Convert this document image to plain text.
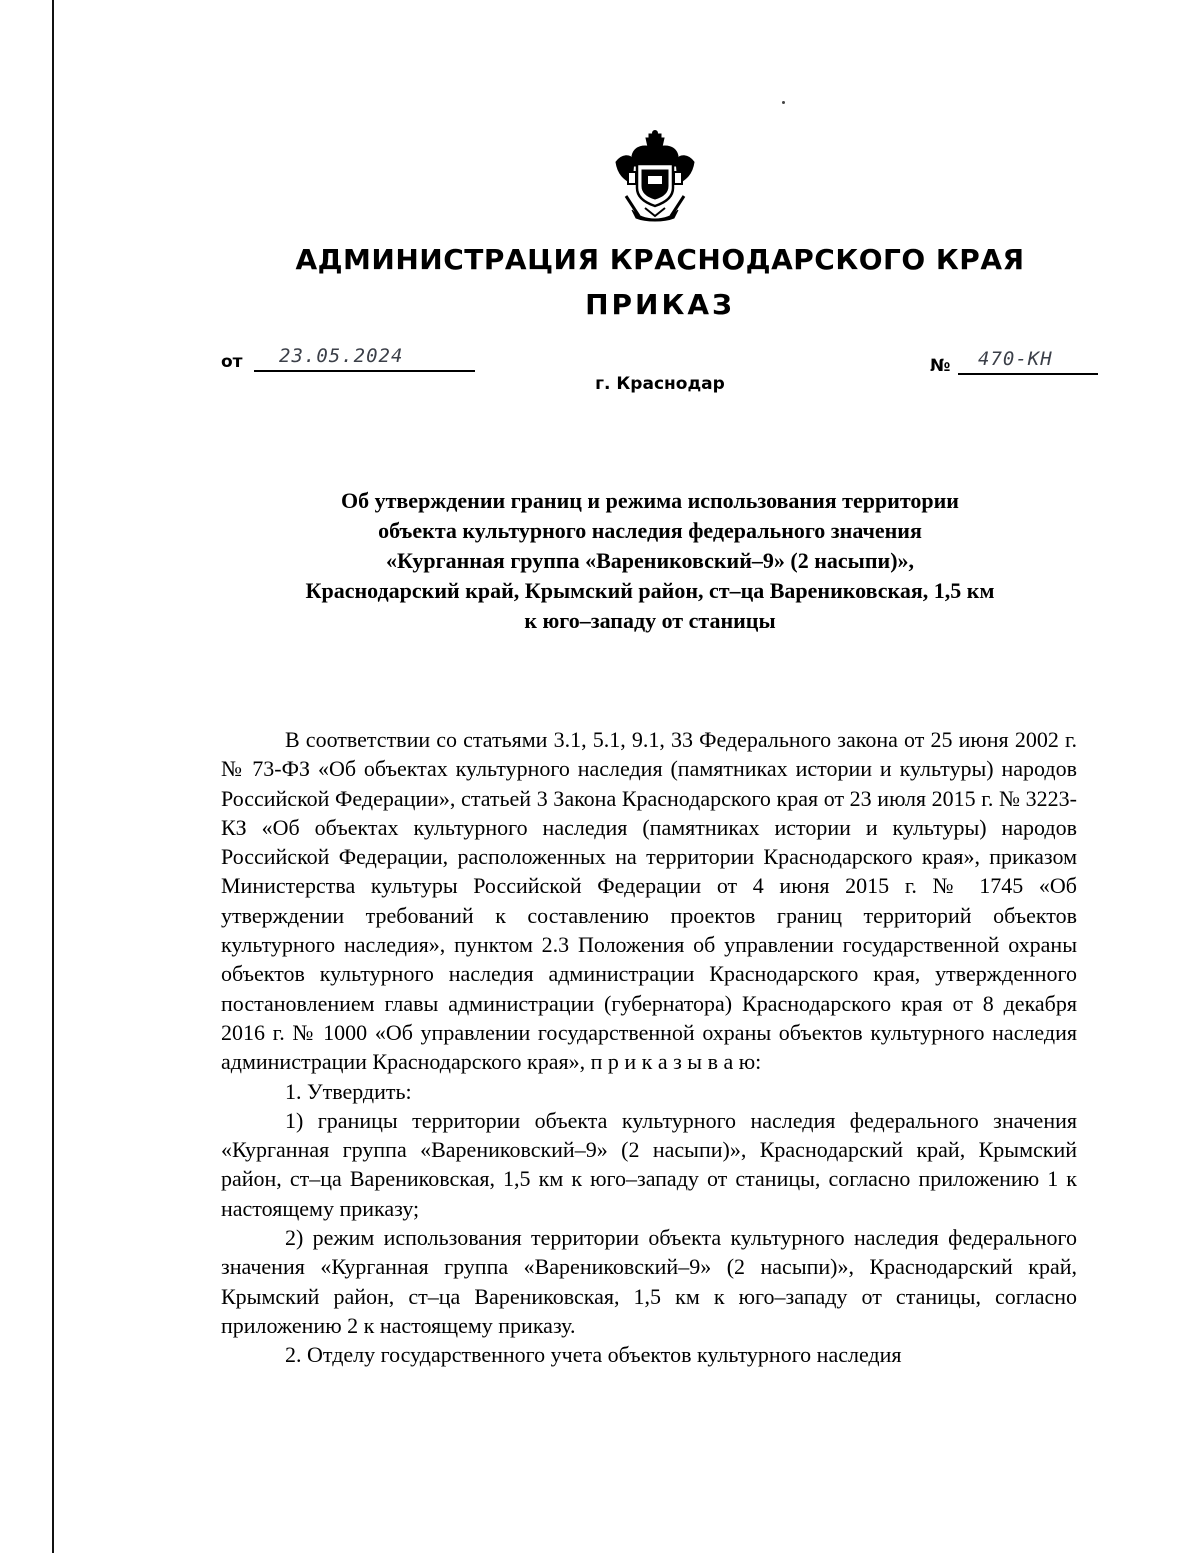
АДМИНИСТРАЦИЯ КРАСНОДАРСКОГО КРАЯ
ПРИКАЗ
от 23.05.2024	№ 470-КН
г. Краснодар
Об утверждении границ и режима использования территории
объекта культурного наследия федерального значения
«Курганная группа «Варениковский–9» (2 насыпи)»,
Краснодарский край, Крымский район, ст–ца Варениковская, 1,5 км
к юго–западу от станицы

В соответствии со статьями 3.1, 5.1, 9.1, 33 Федерального закона от 25 июня 2002 г. № 73-ФЗ «Об объектах культурного наследия (памятниках истории и культуры) народов Российской Федерации», статьей 3 Закона Краснодарского края от 23 июля 2015 г. № 3223-КЗ «Об объектах культурного наследия (памятниках истории и культуры) народов Российской Федерации, расположенных на территории Краснодарского края», приказом Министерства культуры Российской Федерации от 4 июня 2015 г. № 1745 «Об утверждении требований к составлению проектов границ территорий объектов культурного наследия», пунктом 2.3 Положения об управлении государственной охраны объектов культурного наследия администрации Краснодарского края, утвержденного постановлением главы администрации (губернатора) Краснодарского края от 8 декабря 2016 г. № 1000 «Об управлении государственной охраны объектов культурного наследия администрации Краснодарского края», п р и к а з ы в а ю:

1. Утвердить:

1) границы территории объекта культурного наследия федерального значения «Курганная группа «Варениковский–9» (2 насыпи)», Краснодарский край, Крымский район, ст–ца Варениковская, 1,5 км к юго–западу от станицы, согласно приложению 1 к настоящему приказу;

2) режим использования территории объекта культурного наследия федерального значения «Курганная группа «Варениковский–9» (2 насыпи)», Краснодарский край, Крымский район, ст–ца Варениковская, 1,5 км к юго–западу от станицы, согласно приложению 2 к настоящему приказу.

2. Отделу государственного учета объектов культурного наследия
